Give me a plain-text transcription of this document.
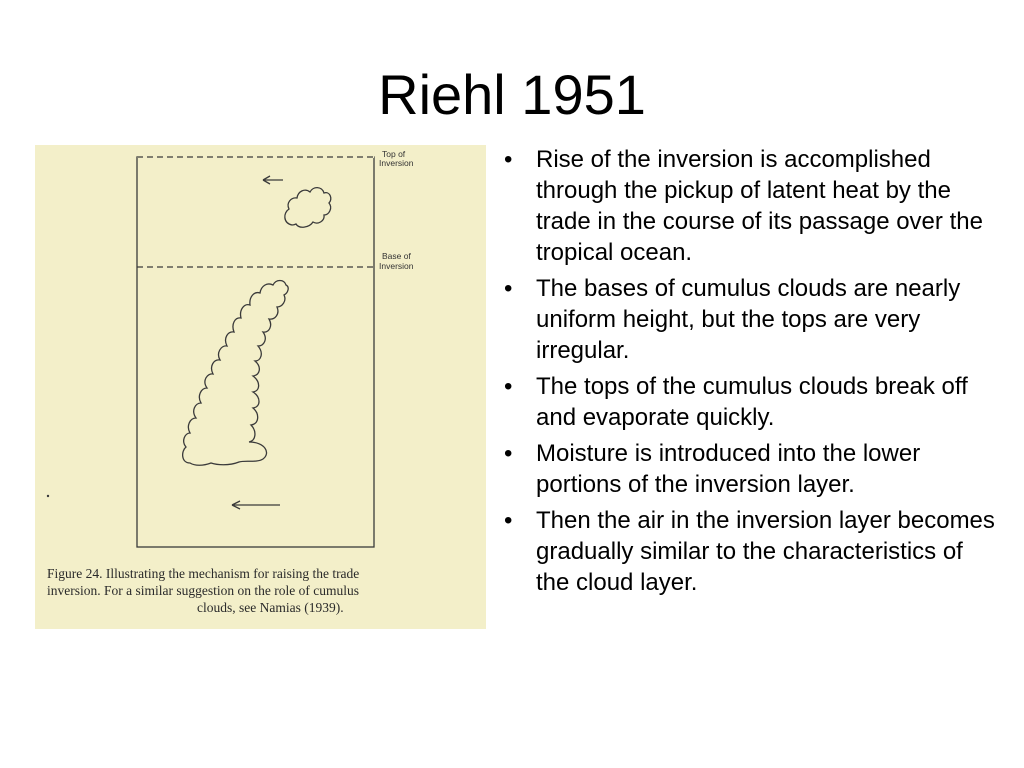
Riehl 1951
Top of
Inversion
Base of
Inversion
Figure 24. Illustrating the mechanism for raising the trade
inversion. For a similar suggestion on the role of cumulus
clouds, see Namias (1939).
• Rise of the inversion is accomplished through the pickup of latent heat by the trade in the course of its passage over the tropical ocean.
• The bases of cumulus clouds are nearly uniform height, but the tops are very irregular.
• The tops of the cumulus clouds break off and evaporate quickly.
• Moisture is introduced into the lower portions of the inversion layer.
• Then the air in the inversion layer becomes gradually similar to the characteristics of the cloud layer.
